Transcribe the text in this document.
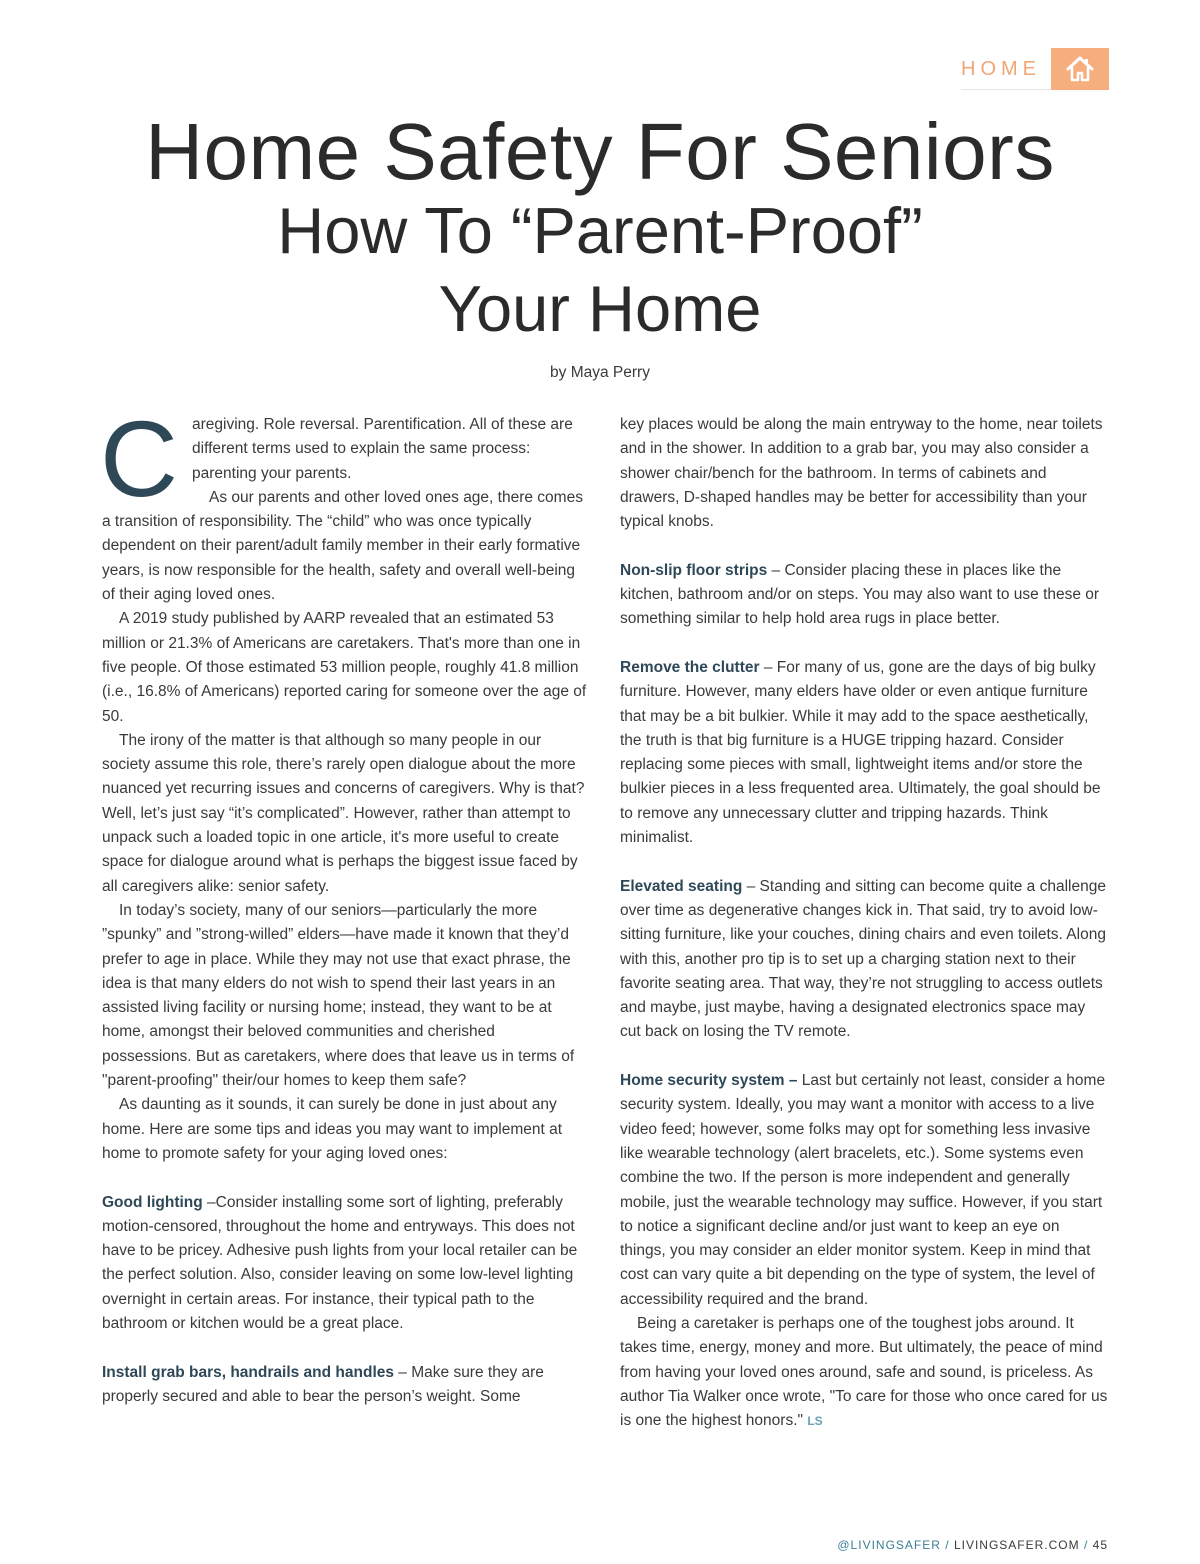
HOME
Home Safety For Seniors
How To “Parent-Proof”
Your Home
by Maya Perry

Caregiving. Role reversal. Parentification. All of these are different terms used to explain the same process: parenting your parents.

As our parents and other loved ones age, there comes a transition of responsibility. The “child” who was once typically dependent on their parent/adult family member in their early formative years, is now responsible for the health, safety and overall well-being of their aging loved ones.

A 2019 study published by AARP revealed that an estimated 53 million or 21.3% of Americans are caretakers. That's more than one in five people. Of those estimated 53 million people, roughly 41.8 million (i.e., 16.8% of Americans) reported caring for someone over the age of 50.

The irony of the matter is that although so many people in our society assume this role, there’s rarely open dialogue about the more nuanced yet recurring issues and concerns of caregivers. Why is that? Well, let’s just say “it’s complicated”. However, rather than attempt to unpack such a loaded topic in one article, it's more useful to create space for dialogue around what is perhaps the biggest issue faced by all caregivers alike: senior safety.

In today’s society, many of our seniors—particularly the more ”spunky” and ”strong-willed” elders—have made it known that they’d prefer to age in place. While they may not use that exact phrase, the idea is that many elders do not wish to spend their last years in an assisted living facility or nursing home; instead, they want to be at home, amongst their beloved communities and cherished possessions. But as caretakers, where does that leave us in terms of "parent-proofing" their/our homes to keep them safe?

As daunting as it sounds, it can surely be done in just about any home. Here are some tips and ideas you may want to implement at home to promote safety for your aging loved ones:

Good lighting –Consider installing some sort of lighting, preferably motion-censored, throughout the home and entryways. This does not have to be pricey. Adhesive push lights from your local retailer can be the perfect solution. Also, consider leaving on some low-level lighting overnight in certain areas. For instance, their typical path to the bathroom or kitchen would be a great place.

Install grab bars, handrails and handles – Make sure they are properly secured and able to bear the person’s weight. Some

key places would be along the main entryway to the home, near toilets and in the shower. In addition to a grab bar, you may also consider a shower chair/bench for the bathroom. In terms of cabinets and drawers, D-shaped handles may be better for accessibility than your typical knobs.

Non-slip floor strips – Consider placing these in places like the kitchen, bathroom and/or on steps. You may also want to use these or something similar to help hold area rugs in place better.

Remove the clutter – For many of us, gone are the days of big bulky furniture. However, many elders have older or even antique furniture that may be a bit bulkier. While it may add to the space aesthetically, the truth is that big furniture is a HUGE tripping hazard. Consider replacing some pieces with small, lightweight items and/or store the bulkier pieces in a less frequented area. Ultimately, the goal should be to remove any unnecessary clutter and tripping hazards. Think minimalist.

Elevated seating – Standing and sitting can become quite a challenge over time as degenerative changes kick in. That said, try to avoid low-sitting furniture, like your couches, dining chairs and even toilets. Along with this, another pro tip is to set up a charging station next to their favorite seating area. That way, they’re not struggling to access outlets and maybe, just maybe, having a designated electronics space may cut back on losing the TV remote.

Home security system – Last but certainly not least, consider a home security system. Ideally, you may want a monitor with access to a live video feed; however, some folks may opt for something less invasive like wearable technology (alert bracelets, etc.). Some systems even combine the two. If the person is more independent and generally mobile, just the wearable technology may suffice. However, if you start to notice a significant decline and/or just want to keep an eye on things, you may consider an elder monitor system. Keep in mind that cost can vary quite a bit depending on the type of system, the level of accessibility required and the brand.

Being a caretaker is perhaps one of the toughest jobs around. It takes time, energy, money and more. But ultimately, the peace of mind from having your loved ones around, safe and sound, is priceless. As author Tia Walker once wrote, "To care for those who once cared for us is one the highest honors." LS

@LIVINGSAFER / LIVINGSAFER.COM / 45
